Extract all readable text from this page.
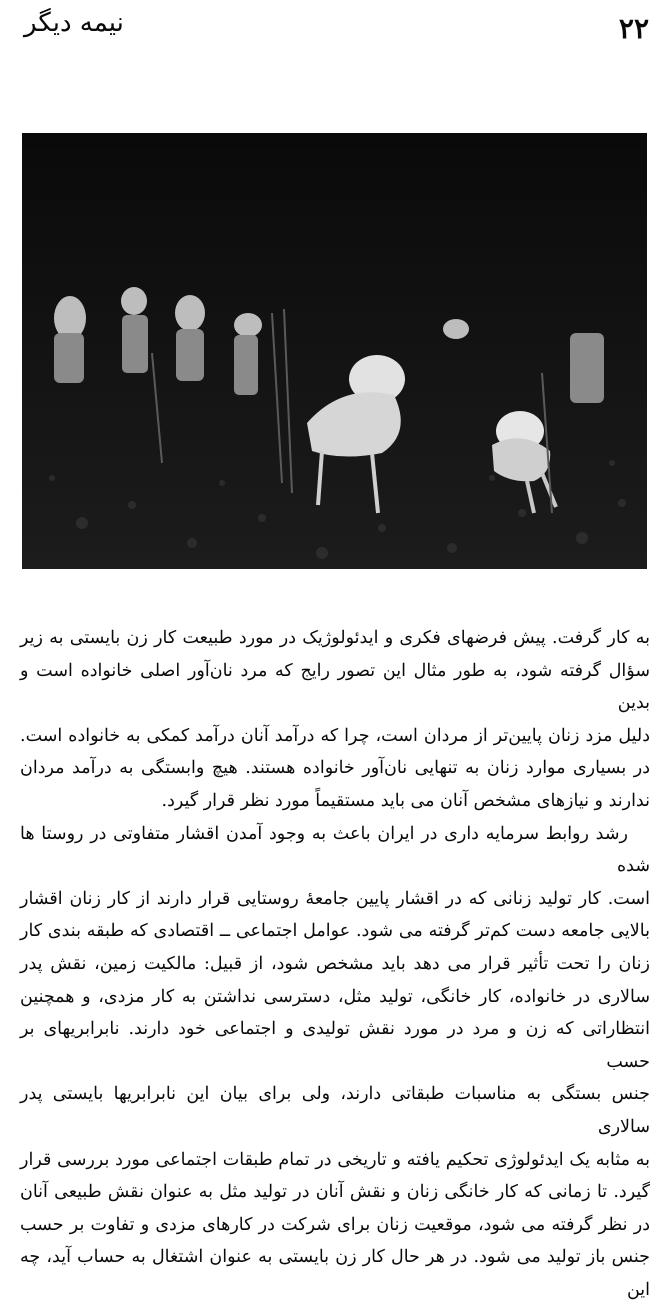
نیمه دیگر	۲۲

به کار گرفت. پیش فرضهای فکری و ایدئولوژیک در مورد طبیعت کار زن بایستی به زیر

سؤال گرفته شود، به طور مثال این تصور رایج که مرد نان‌آور اصلی خانواده است و بدین

دلیل مزد زنان پایین‌تر از مردان است، چرا که درآمد آنان درآمد کمکی به خانواده است.

در بسیاری موارد زنان به تنهایی نان‌آور خانواده هستند. هیچ وابستگی به درآمد مردان

ندارند و نیازهای مشخص آنان می باید مستقیماً مورد نظر قرار گیرد.

رشد روابط سرمایه داری در ایران باعث به وجود آمدن اقشار متفاوتی در روستا ها شده

است. کار تولید زنانی که در اقشار پایین جامعهٔ روستایی قرار دارند از کار زنان اقشار

بالایی جامعه دست کم‌تر گرفته می شود. عوامل اجتماعی ــ اقتصادی که طبقه بندی کار

زنان را تحت تأثیر قرار می دهد باید مشخص شود، از قبیل: مالکیت زمین، نقش پدر

سالاری در خانواده، کار خانگی، تولید مثل، دسترسی نداشتن به کار مزدی، و همچنین

انتظاراتی که زن و مرد در مورد نقش تولیدی و اجتماعی خود دارند. نابرابریهای بر حسب

جنس بستگی به مناسبات طبقاتی دارند، ولی برای بیان این نابرابریها بایستی پدر سالاری

به مثابه یک ایدئولوژی تحکیم یافته و تاریخی در تمام طبقات اجتماعی مورد بررسی قرار

گیرد. تا زمانی که کار خانگی زنان و نقش آنان در تولید مثل به عنوان نقش طبیعی آنان

در نظر گرفته می شود، موقعیت زنان برای شرکت در کارهای مزدی و تفاوت بر حسب

جنس باز تولید می شود. در هر حال کار زن بایستی به عنوان اشتغال به حساب آید، چه این
